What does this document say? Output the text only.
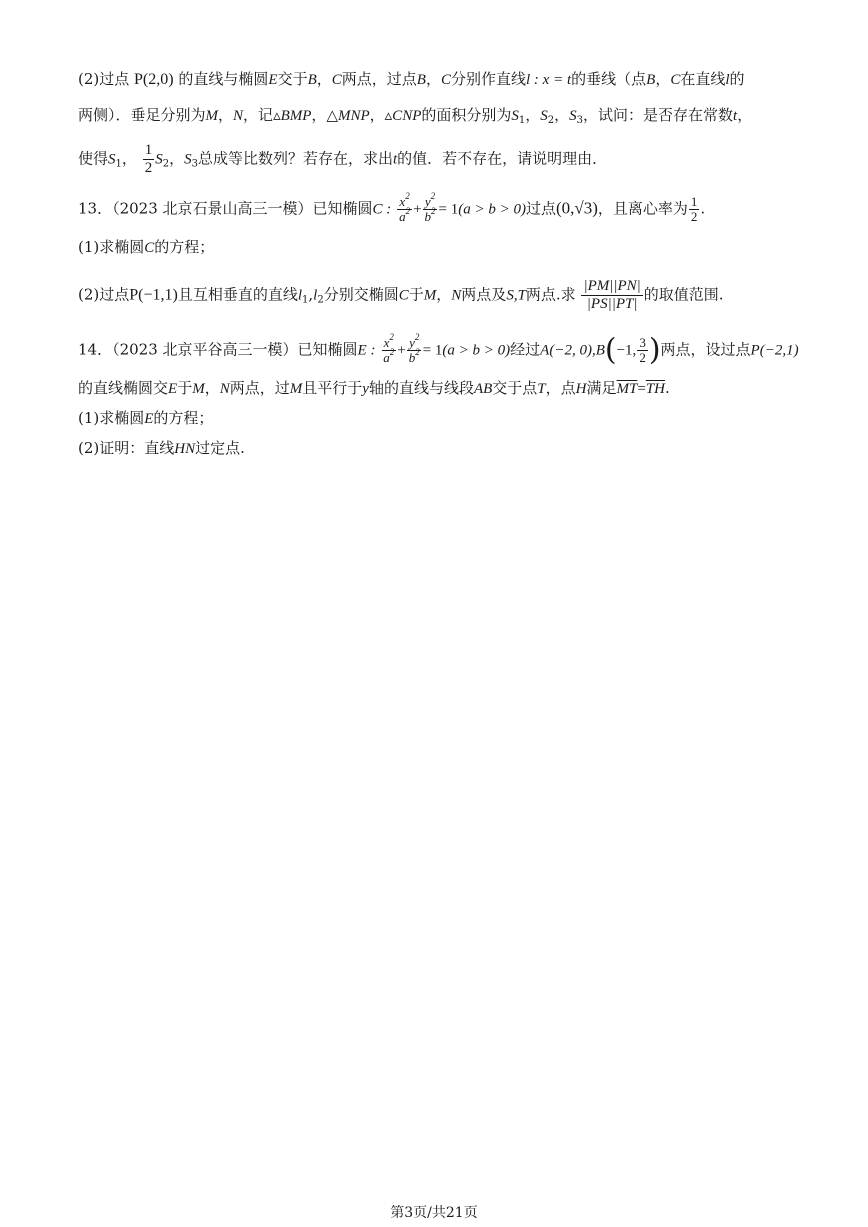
(2)过点 P(2,0) 的直线与椭圆E交于B，C两点，过点B，C分别作直线l : x = t的垂线（点B，C在直线l的
两侧）．垂足分别为M，N，记▵BMP，△MNP，▵CNP的面积分别为$S_1$，$S_2$，$S_3$，试问：是否存在常数t，
使得$S_1$， $\frac{1}{2} S_2$，$S_3$总成等比数列？若存在，求出t的值．若不存在，请说明理由．
13．（2023 北京石景山高三一模）已知椭圆C : $\frac{x^2}{a^2} + \frac{y^2}{b^2} = 1(a > b > 0)$过点(0,√3)，且离心率为 $\frac{1}{2}$ .
(1)求椭圆C的方程；
(2)过点P(−1,1)且互相垂直的直线$l_1,l_2$分别交椭圆C于M，N两点及S,T两点.求 $\frac{|PM||PN|}{|PS||PT|}$ 的取值范围.
14．（2023 北京平谷高三一模）已知椭圆E : $\frac{x^2}{a^2} + \frac{y^2}{b^2} = 1(a > b > 0)$经过A(−2, 0),B(−1, $\frac{3}{2}$ )两点，设过点P(−2,1)
的直线椭圆交E于M，N两点，过M且平行于y轴的直线与线段AB交于点T，点H满足$\overline{MT}=\overline{TH}$.
(1)求椭圆E的方程；
(2)证明：直线HN过定点.
第3页/共21页
